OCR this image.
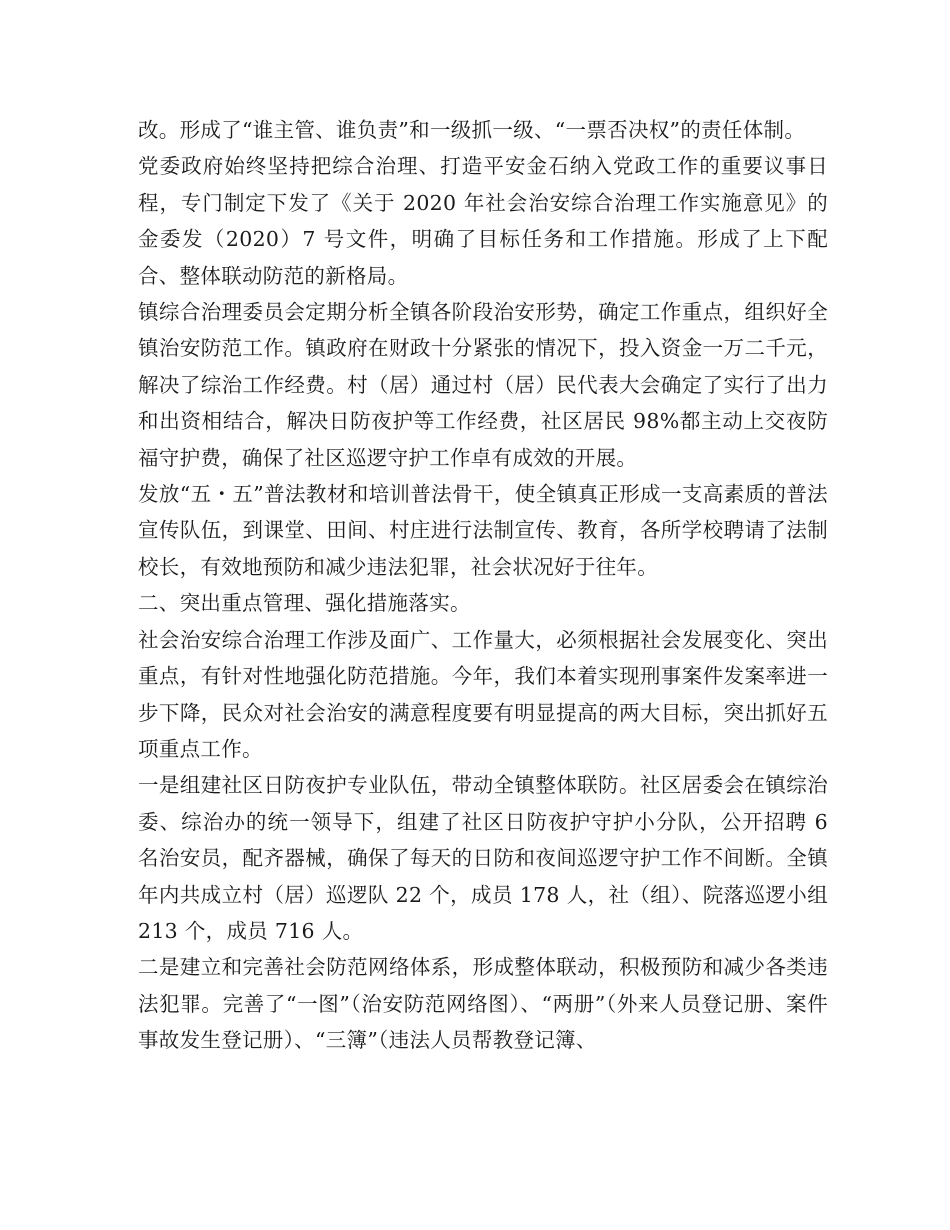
改。形成了“谁主管、谁负责”和一级抓一级、“一票否决权”的责任体制。

党委政府始终坚持把综合治理、打造平安金石纳入党政工作的重要议事日程，专门制定下发了《关于 2020 年社会治安综合治理工作实施意见》的金委发（2020）7 号文件，明确了目标任务和工作措施。形成了上下配合、整体联动防范的新格局。

镇综合治理委员会定期分析全镇各阶段治安形势，确定工作重点，组织好全镇治安防范工作。镇政府在财政十分紧张的情况下，投入资金一万二千元，解决了综治工作经费。村（居）通过村（居）民代表大会确定了实行了出力和出资相结合，解决日防夜护等工作经费，社区居民 98%都主动上交夜防福守护费，确保了社区巡逻守护工作卓有成效的开展。

发放“五・五”普法教材和培训普法骨干，使全镇真正形成一支高素质的普法宣传队伍，到课堂、田间、村庄进行法制宣传、教育，各所学校聘请了法制校长，有效地预防和减少违法犯罪，社会状况好于往年。

二、突出重点管理、强化措施落实。

社会治安综合治理工作涉及面广、工作量大，必须根据社会发展变化、突出重点，有针对性地强化防范措施。今年，我们本着实现刑事案件发案率进一步下降，民众对社会治安的满意程度要有明显提高的两大目标，突出抓好五项重点工作。

一是组建社区日防夜护专业队伍，带动全镇整体联防。社区居委会在镇综治委、综治办的统一领导下，组建了社区日防夜护守护小分队，公开招聘 6 名治安员，配齐器械，确保了每天的日防和夜间巡逻守护工作不间断。全镇年内共成立村（居）巡逻队 22 个，成员 178 人，社（组）、院落巡逻小组 213 个，成员 716 人。

二是建立和完善社会防范网络体系，形成整体联动，积极预防和减少各类违法犯罪。完善了“一图”（治安防范网络图）、“两册”（外来人员登记册、案件事故发生登记册）、“三簿”（违法人员帮教登记簿、
